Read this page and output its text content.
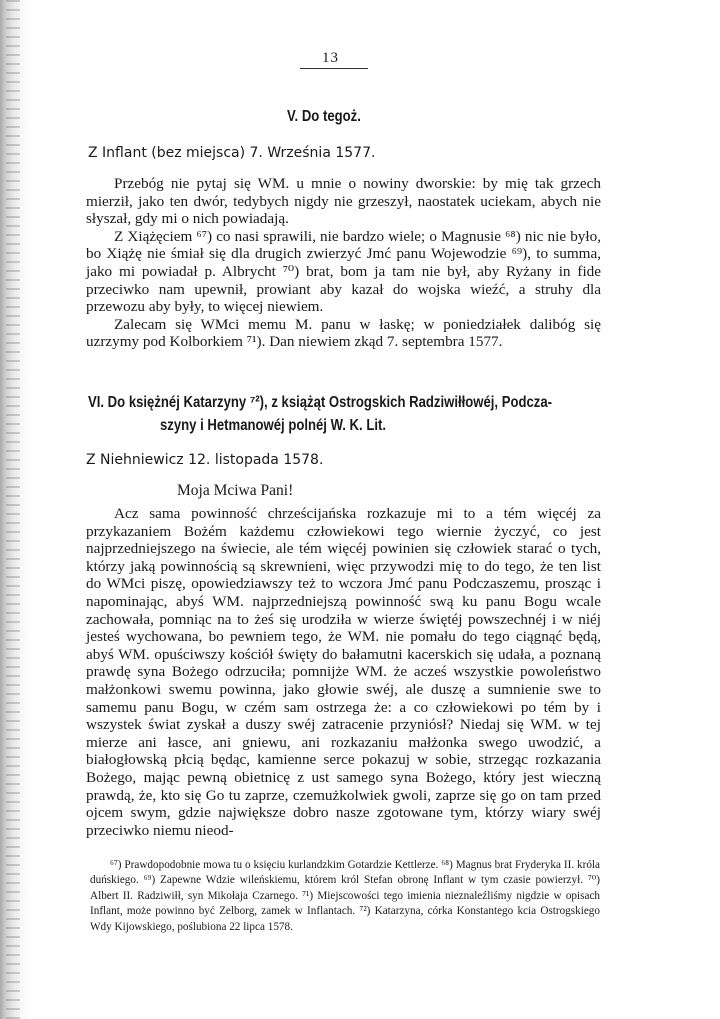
13
V. Do tegoż.
Z Inflant (bez miejsca) 7. Września 1577.

Przebóg nie pytaj się WM. u mnie o nowiny dworskie: by mię tak grzech mierził, jako ten dwór, tedybych nigdy nie grzeszył, naostatek uciekam, abych nie słyszał, gdy mi o nich powiadają.

Z Xiążęciem ⁶⁷) co nasi sprawili, nie bardzo wiele; o Magnusie ⁶⁸) nic nie było, bo Xiążę nie śmiał się dla drugich zwierzyć Jmć panu Wojewodzie ⁶⁹), to summa, jako mi powiadał p. Albrycht ⁷⁰) brat, bom ja tam nie był, aby Ryżany in fide przeciwko nam upewnił, prowiant aby kazał do wojska wieźć, a struhy dla przewozu aby były, to więcej niewiem.

Zalecam się WMci memu M. panu w łaskę; w poniedziałek dalibóg się uzrzymy pod Kolborkiem ⁷¹). Dan niewiem zkąd 7. septembra 1577.

VI. Do księżnéj Katarzyny ⁷²), z książąt Ostrogskich Radziwiłłowéj, Podcza-
szyny i Hetmanowéj polnéj W. K. Lit.
Z Niehniewicz 12. listopada 1578.
Moja Mciwa Pani!

Acz sama powinność chrześcijańska rozkazuje mi to a tém więcéj za przykazaniem Bożém każdemu człowiekowi tego wiernie życzyć, co jest najprzedniejszego na świecie, ale tém więcéj powinien się człowiek starać o tych, którzy jaką powinnością są skrewnieni, więc przywodzi mię to do tego, że ten list do WMci piszę, opowiedziawszy też to wczora Jmć panu Podczaszemu, prosząc i napominając, abyś WM. najprzedniejszą powinność swą ku panu Bogu wcale zachowała, pomniąc na to żeś się urodziła w wierze świętéj powszechnéj i w niéj jesteś wychowana, bo pewniem tego, że WM. nie pomału do tego ciągnąć będą, abyś WM. opuściwszy kościół święty do bałamutni kacerskich się udała, a poznaną prawdę syna Bożego odrzuciła; pomnijże WM. że acześ wszystkie powoleństwo małżonkowi swemu powinna, jako głowie swéj, ale duszę a sumnienie swe to samemu panu Bogu, w czém sam ostrzega że: a co człowiekowi po tém by i wszystek świat zyskał a duszy swéj zatracenie przyniósł? Niedaj się WM. w tej mierze ani łasce, ani gniewu, ani rozkazaniu małżonka swego uwodzić, a białogłowską płcią będąc, kamienne serce pokazuj w sobie, strzegąc rozkazania Bożego, mając pewną obietnicę z ust samego syna Bożego, który jest wieczną prawdą, że, kto się Go tu zaprze, czemużkolwiek gwoli, zaprze się go on tam przed ojcem swym, gdzie największe dobro nasze zgotowane tym, którzy wiary swéj przeciwko niemu nieod-

⁶⁷) Prawdopodobnie mowa tu o księciu kurlandzkim Gotardzie Kettlerze. ⁶⁸) Magnus brat Fryderyka II. króla duńskiego. ⁶⁹) Zapewne Wdzie wileńskiemu, którem król Stefan obronę Inflant w tym czasie powierzył. ⁷⁰) Albert II. Radziwiłł, syn Mikołaja Czarnego. ⁷¹) Miejscowości tego imienia nieznaleźliśmy nigdzie w opisach Inflant, może powinno być Zelborg, zamek w Inflantach. ⁷²) Katarzyna, córka Konstantego kcia Ostrogskiego Wdy Kijowskiego, poślubiona 22 lipca 1578.
